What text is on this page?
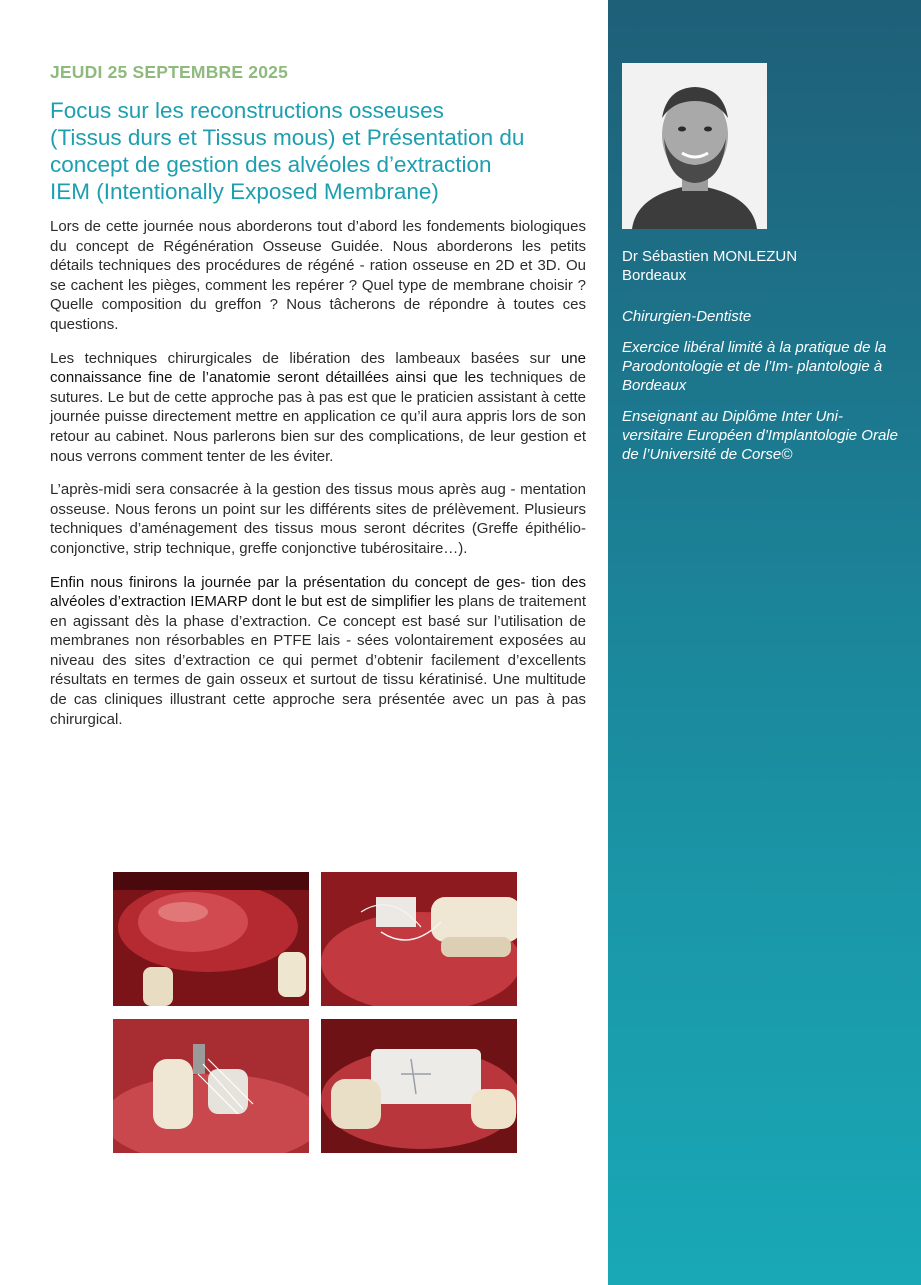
JEUDI 25 SEPTEMBRE 2025
Focus sur les reconstructions osseuses
(Tissus durs et Tissus mous) et Présentation du
concept de gestion des alvéoles d’extraction
IEM (Intentionally Exposed Membrane)

Lors de cette journée nous aborderons tout d’abord les fondements biologiques du concept de Régénération Osseuse Guidée. Nous aborderons les petits détails techniques des procédures de régéné - ration osseuse en 2D et 3D. Ou se cachent les pièges, comment les repérer ? Quel type de membrane choisir ? Quelle composition du greffon ? Nous tâcherons de répondre à toutes ces questions.

Les techniques chirurgicales de libération des lambeaux basées sur une connaissance fine de l’anatomie seront détaillées ainsi que les techniques de sutures. Le but de cette approche pas à pas est que le praticien assistant à cette journée puisse directement mettre en application ce qu’il aura appris lors de son retour au cabinet. Nous parlerons bien sur des complications, de leur gestion et nous verrons comment tenter de les éviter.

L’après-midi sera consacrée à la gestion des tissus mous après aug - mentation osseuse. Nous ferons un point sur les différents sites de prélèvement. Plusieurs techniques d’aménagement des tissus mous seront décrites (Greffe épithélio-conjonctive, strip technique, greffe conjonctive tubérositaire…).

Enfin nous finirons la journée par la présentation du concept de ges- tion des alvéoles d’extraction IEMARP dont le but est de simplifier les plans de traitement en agissant dès la phase d’extraction. Ce concept est basé sur l’utilisation de membranes non résorbables en PTFE lais - sées volontairement exposées au niveau des sites d’extraction ce qui permet d’obtenir facilement d’excellents résultats en termes de gain osseux et surtout de tissu kératinisé. Une multitude de cas cliniques illustrant cette approche sera présentée avec un pas à pas chirurgical.

Dr Sébastien MONLEZUN
Bordeaux

Chirurgien-Dentiste

Exercice libéral limité à la pratique de la Parodontologie et de l’Im- plantologie à Bordeaux

Enseignant au Diplôme Inter Uni- versitaire Européen d’Implantologie Orale de l’Université de Corse©
